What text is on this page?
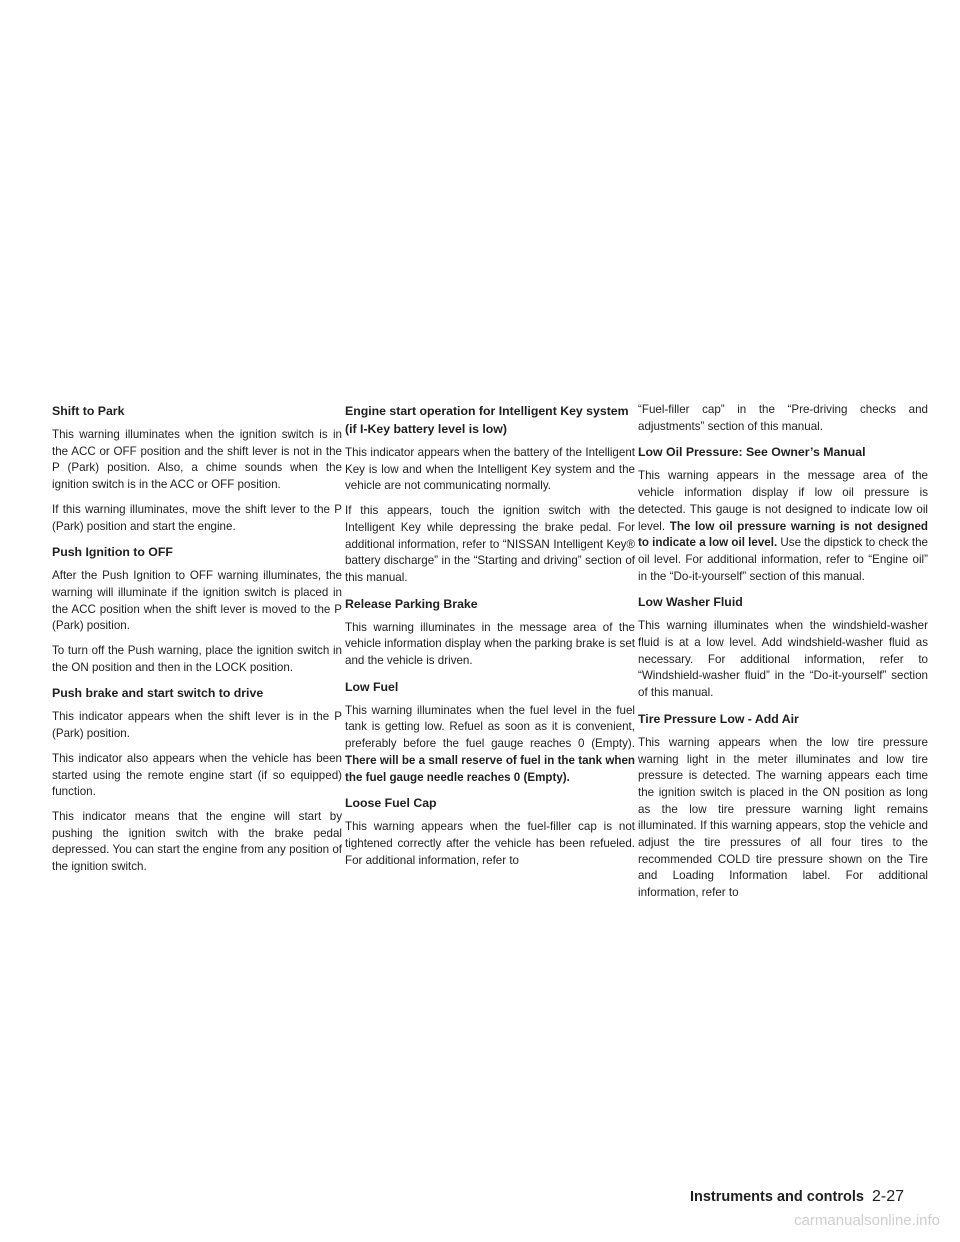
Shift to Park
This warning illuminates when the ignition switch is in the ACC or OFF position and the shift lever is not in the P (Park) position. Also, a chime sounds when the ignition switch is in the ACC or OFF position.
If this warning illuminates, move the shift lever to the P (Park) position and start the engine.
Push Ignition to OFF
After the Push Ignition to OFF warning illuminates, the warning will illuminate if the ignition switch is placed in the ACC position when the shift lever is moved to the P (Park) position.
To turn off the Push warning, place the ignition switch in the ON position and then in the LOCK position.
Push brake and start switch to drive
This indicator appears when the shift lever is in the P (Park) position.
This indicator also appears when the vehicle has been started using the remote engine start (if so equipped) function.
This indicator means that the engine will start by pushing the ignition switch with the brake pedal depressed. You can start the engine from any position of the ignition switch.
Engine start operation for Intelligent Key system (if I-Key battery level is low)
This indicator appears when the battery of the Intelligent Key is low and when the Intelligent Key system and the vehicle are not communicating normally.
If this appears, touch the ignition switch with the Intelligent Key while depressing the brake pedal. For additional information, refer to “NISSAN Intelligent Key® battery discharge” in the “Starting and driving” section of this manual.
Release Parking Brake
This warning illuminates in the message area of the vehicle information display when the parking brake is set and the vehicle is driven.
Low Fuel
This warning illuminates when the fuel level in the fuel tank is getting low. Refuel as soon as it is convenient, preferably before the fuel gauge reaches 0 (Empty). There will be a small reserve of fuel in the tank when the fuel gauge needle reaches 0 (Empty).
Loose Fuel Cap
This warning appears when the fuel-filler cap is not tightened correctly after the vehicle has been refueled. For additional information, refer to
“Fuel-filler cap” in the “Pre-driving checks and adjustments” section of this manual.
Low Oil Pressure: See Owner’s Manual
This warning appears in the message area of the vehicle information display if low oil pressure is detected. This gauge is not designed to indicate low oil level. The low oil pressure warning is not designed to indicate a low oil level. Use the dipstick to check the oil level. For additional information, refer to “Engine oil” in the “Do-it-yourself” section of this manual.
Low Washer Fluid
This warning illuminates when the windshield-washer fluid is at a low level. Add windshield-washer fluid as necessary. For additional information, refer to “Windshield-washer fluid” in the “Do-it-yourself” section of this manual.
Tire Pressure Low - Add Air
This warning appears when the low tire pressure warning light in the meter illuminates and low tire pressure is detected. The warning appears each time the ignition switch is placed in the ON position as long as the low tire pressure warning light remains illuminated. If this warning appears, stop the vehicle and adjust the tire pressures of all four tires to the recommended COLD tire pressure shown on the Tire and Loading Information label. For additional information, refer to
Instruments and controls 2-27
carmanualsonline.info
